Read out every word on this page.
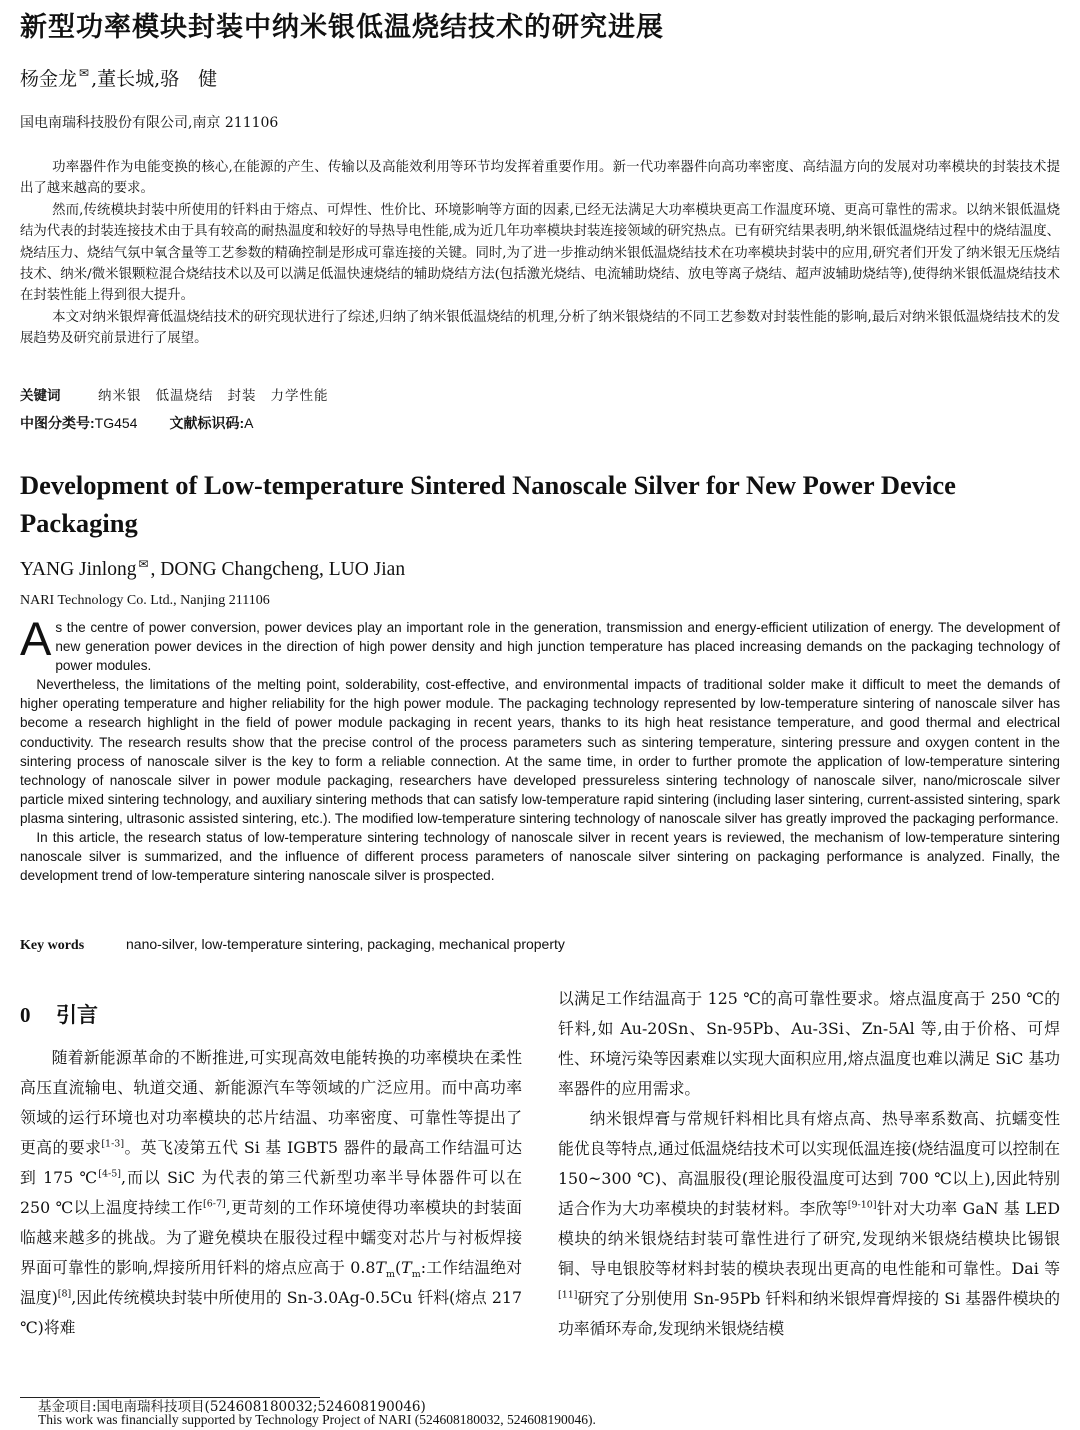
新型功率模块封装中纳米银低温烧结技术的研究进展
杨金龙 ✉ ,董长城,骆　健
国电南瑞科技股份有限公司,南京 211106

功率器件作为电能变换的核心,在能源的产生、传输以及高能效利用等环节均发挥着重要作用。新一代功率器件向高功率密度、高结温方向的发展对功率模块的封装技术提出了越来越高的要求。

然而,传统模块封装中所使用的钎料由于熔点、可焊性、性价比、环境影响等方面的因素,已经无法满足大功率模块更高工作温度环境、更高可靠性的需求。以纳米银低温烧结为代表的封装连接技术由于具有较高的耐热温度和较好的导热导电性能,成为近几年功率模块封装连接领域的研究热点。已有研究结果表明,纳米银低温烧结过程中的烧结温度、烧结压力、烧结气氛中氧含量等工艺参数的精确控制是形成可靠连接的关键。同时,为了进一步推动纳米银低温烧结技术在功率模块封装中的应用,研究者们开发了纳米银无压烧结技术、纳米/微米银颗粒混合烧结技术以及可以满足低温快速烧结的辅助烧结方法(包括激光烧结、电流辅助烧结、放电等离子烧结、超声波辅助烧结等),使得纳米银低温烧结技术在封装性能上得到很大提升。

本文对纳米银焊膏低温烧结技术的研究现状进行了综述,归纳了纳米银低温烧结的机理,分析了纳米银烧结的不同工艺参数对封装性能的影响,最后对纳米银低温烧结技术的发展趋势及研究前景进行了展望。

关键词	纳米银 低温烧结 封装 力学性能
中图分类号:TG454 文献标识码:A
Development of Low-temperature Sintered Nanoscale Silver for New Power Device Packaging
YANG Jinlong ✉ , DONG Changcheng, LUO Jian
NARI Technology Co. Ltd., Nanjing 211106

As the centre of power conversion, power devices play an important role in the generation, transmission and energy-efficient utilization of energy. The development of new generation power devices in the direction of high power density and high junction temperature has placed increasing demands on the packaging technology of power modules.

Nevertheless, the limitations of the melting point, solderability, cost-effective, and environmental impacts of traditional solder make it difficult to meet the demands of higher operating temperature and higher reliability for the high power module. The packaging technology represented by low-temperature sintering of nanoscale silver has become a research highlight in the field of power module packaging in recent years, thanks to its high heat resistance temperature, and good thermal and electrical conductivity. The research results show that the precise control of the process parameters such as sintering temperature, sintering pressure and oxygen content in the sintering process of nanoscale silver is the key to form a reliable connection. At the same time, in order to further promote the application of low-temperature sintering technology of nanoscale silver in power module packaging, researchers have developed pressureless sintering technology of nanoscale silver, nano/microscale silver particle mixed sintering technology, and auxiliary sintering methods that can satisfy low-temperature rapid sintering (including laser sintering, current-assisted sintering, spark plasma sintering, ultrasonic assisted sintering, etc.). The modified low-temperature sintering technology of nanoscale silver has greatly improved the packaging performance.

In this article, the research status of low-temperature sintering technology of nanoscale silver in recent years is reviewed, the mechanism of low-temperature sintering nanoscale silver is summarized, and the influence of different process parameters of nanoscale silver sintering on packaging performance is analyzed. Finally, the development trend of low-temperature sintering nanoscale silver is prospected.

Key words	nano-silver, low-temperature sintering, packaging, mechanical property
0 引言

随着新能源革命的不断推进,可实现高效电能转换的功率模块在柔性高压直流输电、轨道交通、新能源汽车等领域的广泛应用。而中高功率领域的运行环境也对功率模块的芯片结温、功率密度、可靠性等提出了更高的要求[1-3]。英飞凌第五代 Si 基 IGBT5 器件的最高工作结温可达到 175 ℃[4-5],而以 SiC 为代表的第三代新型功率半导体器件可以在 250 ℃以上温度持续工作[6-7],更苛刻的工作环境使得功率模块的封装面临越来越多的挑战。为了避免模块在服役过程中蠕变对芯片与衬板焊接界面可靠性的影响,焊接所用钎料的熔点应高于 $0.8T_m(T_m$:工作结温绝对温度)[8],因此传统模块封装中所使用的 Sn-3.0Ag-0.5Cu 钎料(熔点 217 ℃)将难

以满足工作结温高于 125 ℃的高可靠性要求。熔点温度高于 250 ℃的钎料,如 Au-20Sn、Sn-95Pb、Au-3Si、Zn-5Al 等,由于价格、可焊性、环境污染等因素难以实现大面积应用,熔点温度也难以满足 SiC 基功率器件的应用需求。

纳米银焊膏与常规钎料相比具有熔点高、热导率系数高、抗蠕变性能优良等特点,通过低温烧结技术可以实现低温连接(烧结温度可以控制在 150~300 ℃)、高温服役(理论服役温度可达到 700 ℃以上),因此特别适合作为大功率模块的封装材料。李欣等[9-10]针对大功率 GaN 基 LED 模块的纳米银烧结封装可靠性进行了研究,发现纳米银烧结模块比锡银铜、导电银胶等材料封装的模块表现出更高的电性能和可靠性。Dai 等[11]研究了分别使用 Sn-95Pb 钎料和纳米银焊膏焊接的 Si 基器件模块的功率循环寿命,发现纳米银烧结模

基金项目:国电南瑞科技项目(524608180032;524608190046)
This work was financially supported by Technology Project of NARI (524608180032, 524608190046).
